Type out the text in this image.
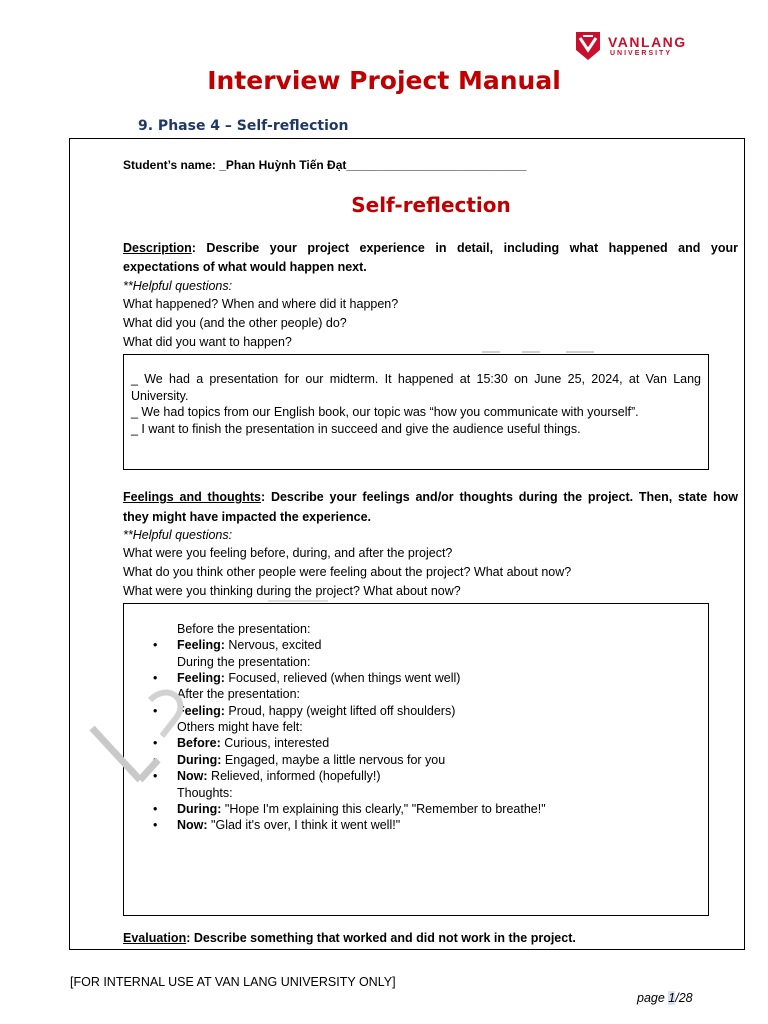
VANLANG
UNIVERSITY
Interview Project Manual
9. Phase 4 – Self-reflection
Student’s name: _Phan Huỳnh Tiến Đạt___________________________
Self-reflection
Description: Describe your project experience in detail, including what happened and your
expectations of what would happen next.
**Helpful questions:
What happened? When and where did it happen?
What did you (and the other people) do?
What did you want to happen?
_ We had a presentation for our midterm. It happened at 15:30 on June 25, 2024, at Van Lang University.
_ We had topics from our English book, our topic was “how you communicate with yourself”.
_ I want to finish the presentation in succeed and give the audience useful things.
Feelings and thoughts: Describe your feelings and/or thoughts during the project. Then, state how
they might have impacted the experience.
**Helpful questions:
What were you feeling before, during, and after the project?
What do you think other people were feeling about the project? What about now?
What were you thinking during the project? What about now?
Before the presentation:
• Feeling: Nervous, excited
During the presentation:
• Feeling: Focused, relieved (when things went well)
After the presentation:
• Feeling: Proud, happy (weight lifted off shoulders)
Others might have felt:
• Before: Curious, interested
During: Engaged, maybe a little nervous for you
• Now: Relieved, informed (hopefully!)
Thoughts:
• During: "Hope I'm explaining this clearly," "Remember to breathe!"
• Now: "Glad it's over, I think it went well!"
Evaluation: Describe something that worked and did not work in the project.
[FOR INTERNAL USE AT VAN LANG UNIVERSITY ONLY]
page 1/28
